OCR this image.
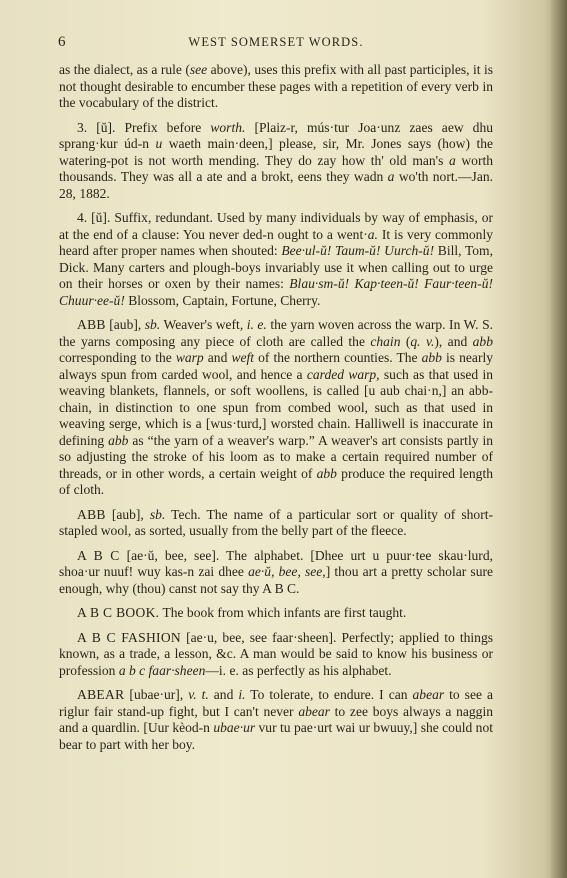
6	WEST SOMERSET WORDS.

as the dialect, as a rule (see above), uses this prefix with all past participles, it is not thought desirable to encumber these pages with a repetition of every verb in the vocabulary of the district.

3. [ŭ]. Prefix before worth. [Plaiz-r, mús·tur Joa·unz zaes aew dhu sprang·kur úd-n u waeth main·deen,] please, sir, Mr. Jones says (how) the watering-pot is not worth mending. They do zay how th' old man's a worth thousands. They was all a ate and a brokt, eens they wadn a wo'th nort.—Jan. 28, 1882.

4. [ŭ]. Suffix, redundant. Used by many individuals by way of emphasis, or at the end of a clause: You never ded-n ought to a went·a. It is very commonly heard after proper names when shouted: Bee·ul-ŭ! Taum-ŭ! Uurch-ŭ! Bill, Tom, Dick. Many carters and plough-boys invariably use it when calling out to urge on their horses or oxen by their names: Blau·sm-ŭ! Kap·teen-ŭ! Faur·teen-ŭ! Chuur·ee-ŭ! Blossom, Captain, Fortune, Cherry.

ABB [aub], sb. Weaver's weft, i. e. the yarn woven across the warp. In W. S. the yarns composing any piece of cloth are called the chain (q. v.), and abb corresponding to the warp and weft of the northern counties. The abb is nearly always spun from carded wool, and hence a carded warp, such as that used in weaving blankets, flannels, or soft woollens, is called [u aub chai·n,] an abb-chain, in distinction to one spun from combed wool, such as that used in weaving serge, which is a [wus·turd,] worsted chain. Halliwell is inaccurate in defining abb as “the yarn of a weaver's warp.” A weaver's art consists partly in so adjusting the stroke of his loom as to make a certain required number of threads, or in other words, a certain weight of abb produce the required length of cloth.

ABB [aub], sb. Tech. The name of a particular sort or quality of short-stapled wool, as sorted, usually from the belly part of the fleece.

A B C [ae·ŭ, bee, see]. The alphabet. [Dhee urt u puur·tee skau·lurd, shoa·ur nuuf! wuy kas-n zai dhee ae·ŭ, bee, see,] thou art a pretty scholar sure enough, why (thou) canst not say thy A B C.

A B C BOOK. The book from which infants are first taught.

A B C FASHION [ae·u, bee, see faar·sheen]. Perfectly; applied to things known, as a trade, a lesson, &c. A man would be said to know his business or profession a b c faar·sheen—i. e. as perfectly as his alphabet.

ABEAR [ubae·ur], v. t. and i. To tolerate, to endure. I can abear to see a riglur fair stand-up fight, but I can't never abear to zee boys always a naggin and a quardlin. [Uur kèod-n ubae·ur vur tu pae·urt wai ur bwuuy,] she could not bear to part with her boy.
